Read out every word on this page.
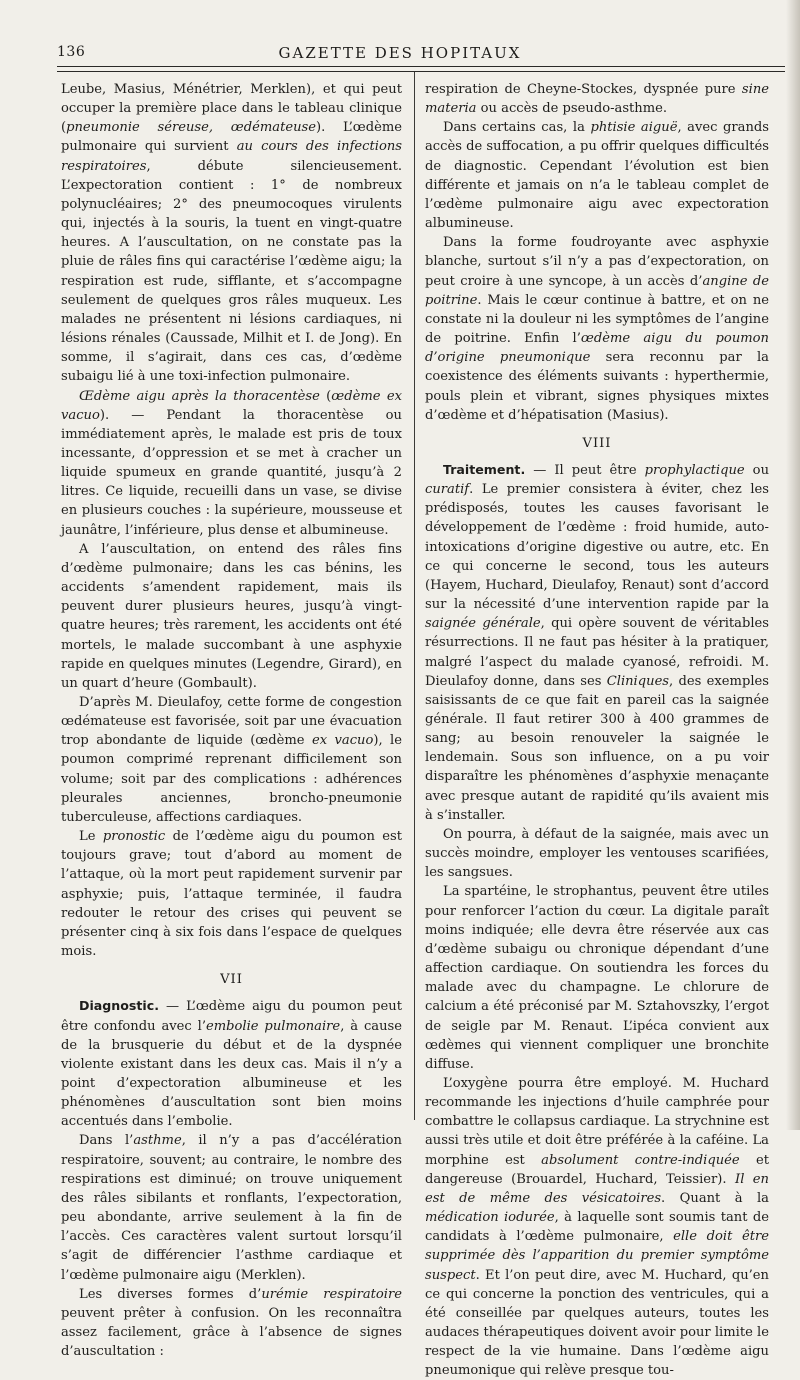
136	GAZETTE DES HOPITAUX

Leube, Masius, Ménétrier, Merklen), et qui peut occuper la première place dans le tableau clinique (pneumonie séreuse, œdémateuse). L’œdème pulmonaire qui survient au cours des infections respiratoires, débute silencieusement. L’expectoration contient : 1° de nombreux polynucléaires; 2° des pneumocoques virulents qui, injectés à la souris, la tuent en vingt-quatre heures. A l’auscultation, on ne constate pas la pluie de râles fins qui caractérise l’œdème aigu; la respiration est rude, sifflante, et s’accompagne seulement de quelques gros râles muqueux. Les malades ne présentent ni lésions cardiaques, ni lésions rénales (Caussade, Milhit et I. de Jong). En somme, il s’agirait, dans ces cas, d’œdème subaigu lié à une toxi-infection pulmonaire.

Œdème aigu après la thoracentèse (œdème ex vacuo). — Pendant la thoracentèse ou immédiatement après, le malade est pris de toux incessante, d’oppression et se met à cracher un liquide spumeux en grande quantité, jusqu’à 2 litres. Ce liquide, recueilli dans un vase, se divise en plusieurs couches : la supérieure, mousseuse et jaunâtre, l’inférieure, plus dense et albumineuse.

A l’auscultation, on entend des râles fins d’œdème pulmonaire; dans les cas bénins, les accidents s’amendent rapidement, mais ils peuvent durer plusieurs heures, jusqu’à vingt-quatre heures; très rarement, les accidents ont été mortels, le malade succombant à une asphyxie rapide en quelques minutes (Legendre, Girard), en un quart d’heure (Gombault).

D’après M. Dieulafoy, cette forme de congestion œdémateuse est favorisée, soit par une évacuation trop abondante de liquide (œdème ex vacuo), le poumon comprimé reprenant difficilement son volume; soit par des complications : adhérences pleurales anciennes, broncho-pneumonie tuberculeuse, affections cardiaques.

Le pronostic de l’œdème aigu du poumon est toujours grave; tout d’abord au moment de l’attaque, où la mort peut rapidement survenir par asphyxie; puis, l’attaque terminée, il faudra redouter le retour des crises qui peuvent se présenter cinq à six fois dans l’espace de quelques mois.

VII

Diagnostic. — L’œdème aigu du poumon peut être confondu avec l’embolie pulmonaire, à cause de la brusquerie du début et de la dyspnée violente existant dans les deux cas. Mais il n’y a point d’expectoration albumineuse et les phénomènes d’auscultation sont bien moins accentués dans l’embolie.

Dans l’asthme, il n’y a pas d’accélération respiratoire, souvent; au contraire, le nombre des respirations est diminué; on trouve uniquement des râles sibilants et ronflants, l’expectoration, peu abondante, arrive seulement à la fin de l’accès. Ces caractères valent surtout lorsqu’il s’agit de différencier l’asthme cardiaque et l’œdème pulmonaire aigu (Merklen).

Les diverses formes d’urémie respiratoire peuvent prêter à confusion. On les reconnaîtra assez facilement, grâce à l’absence de signes d’auscultation :

respiration de Cheyne-Stockes, dyspnée pure sine materia ou accès de pseudo-asthme.

Dans certains cas, la phtisie aiguë, avec grands accès de suffocation, a pu offrir quelques difficultés de diagnostic. Cependant l’évolution est bien différente et jamais on n’a le tableau complet de l’œdème pulmonaire aigu avec expectoration albumineuse.

Dans la forme foudroyante avec asphyxie blanche, surtout s’il n’y a pas d’expectoration, on peut croire à une syncope, à un accès d’angine de poitrine. Mais le cœur continue à battre, et on ne constate ni la douleur ni les symptômes de l’angine de poitrine. Enfin l’œdème aigu du poumon d’origine pneumonique sera reconnu par la coexistence des éléments suivants : hyperthermie, pouls plein et vibrant, signes physiques mixtes d’œdème et d’hépatisation (Masius).

VIII

Traitement. — Il peut être prophylactique ou curatif. Le premier consistera à éviter, chez les prédisposés, toutes les causes favorisant le développement de l’œdème : froid humide, auto-intoxications d’origine digestive ou autre, etc. En ce qui concerne le second, tous les auteurs (Hayem, Huchard, Dieulafoy, Renaut) sont d’accord sur la nécessité d’une intervention rapide par la saignée générale, qui opère souvent de véritables résurrections. Il ne faut pas hésiter à la pratiquer, malgré l’aspect du malade cyanosé, refroidi. M. Dieulafoy donne, dans ses Cliniques, des exemples saisissants de ce que fait en pareil cas la saignée générale. Il faut retirer 300 à 400 grammes de sang; au besoin renouveler la saignée le lendemain. Sous son influence, on a pu voir disparaître les phénomènes d’asphyxie menaçante avec presque autant de rapidité qu’ils avaient mis à s’installer.

On pourra, à défaut de la saignée, mais avec un succès moindre, employer les ventouses scarifiées, les sangsues.

La spartéine, le strophantus, peuvent être utiles pour renforcer l’action du cœur. La digitale paraît moins indiquée; elle devra être réservée aux cas d’œdème subaigu ou chronique dépendant d’une affection cardiaque. On soutiendra les forces du malade avec du champagne. Le chlorure de calcium a été préconisé par M. Sztahovszky, l’ergot de seigle par M. Renaut. L’ipéca convient aux œdèmes qui viennent compliquer une bronchite diffuse.

L’oxygène pourra être employé. M. Huchard recommande les injections d’huile camphrée pour combattre le collapsus cardiaque. La strychnine est aussi très utile et doit être préférée à la caféine. La morphine est absolument contre-indiquée et dangereuse (Brouardel, Huchard, Teissier). Il en est de même des vésicatoires. Quant à la médication iodurée, à laquelle sont soumis tant de candidats à l’œdème pulmonaire, elle doit être supprimée dès l’apparition du premier symptôme suspect. Et l’on peut dire, avec M. Huchard, qu’en ce qui concerne la ponction des ventricules, qui a été conseillée par quelques auteurs, toutes les audaces thérapeutiques doivent avoir pour limite le respect de la vie humaine. Dans l’œdème aigu pneumonique qui relève presque tou-
